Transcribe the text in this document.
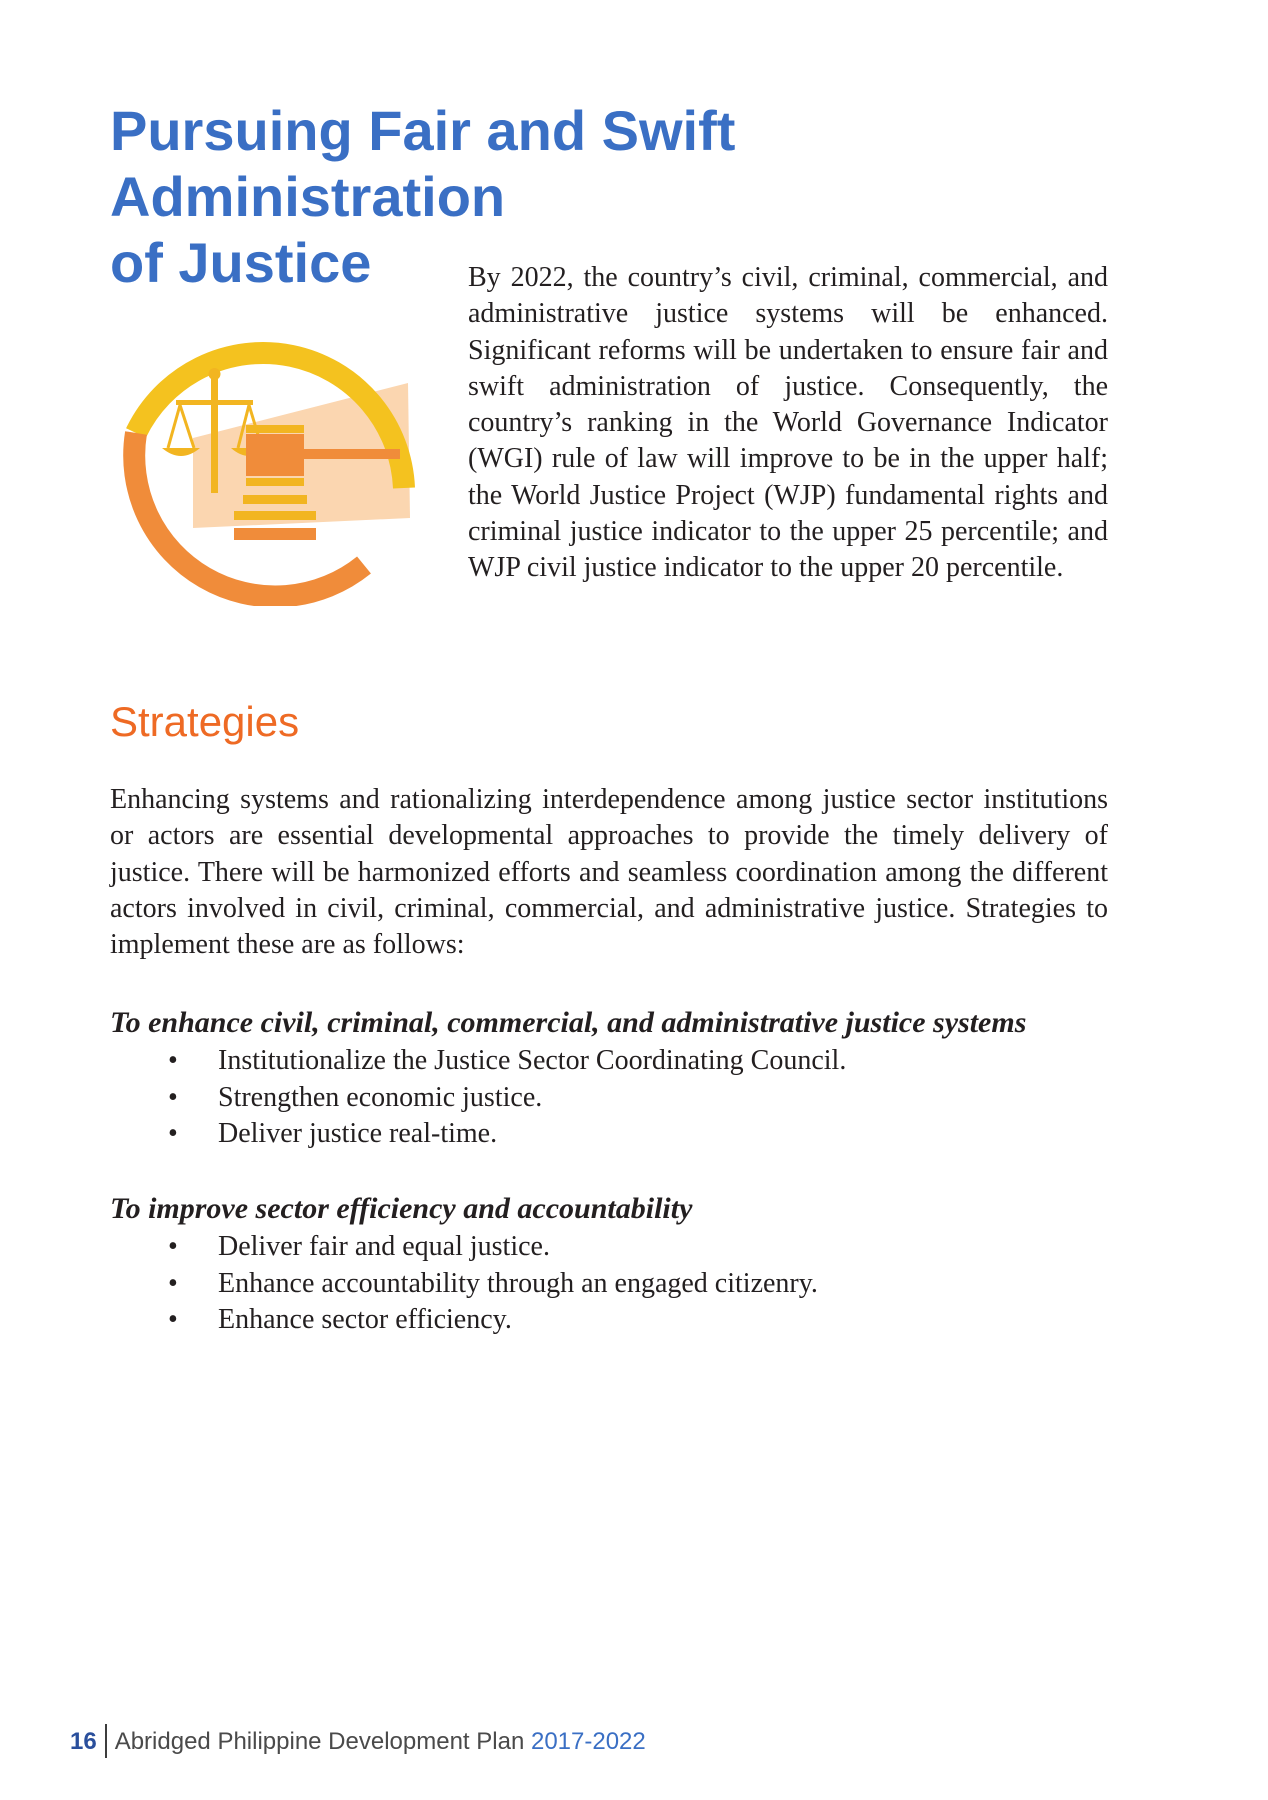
Pursuing Fair and Swift Administration
of Justice	By 2022, the country’s civil, criminal, commercial, and administrative justice systems will be enhanced. Significant reforms will be undertaken to ensure fair and swift administration of justice. Consequently, the country’s ranking in the World Governance Indicator (WGI) rule of law will improve to be in the upper half; the World Justice Project (WJP) fundamental rights and criminal justice indicator to the upper 25 percentile; and WJP civil justice indicator to the upper 20 percentile.

Strategies

Enhancing systems and rationalizing interdependence among justice sector institutions or actors are essential developmental approaches to provide the timely delivery of justice. There will be harmonized efforts and seamless coordination among the different actors involved in civil, criminal, commercial, and administrative justice. Strategies to implement these are as follows:

To enhance civil, criminal, commercial, and administrative justice systems
• Institutionalize the Justice Sector Coordinating Council.
• Strengthen economic justice.
• Deliver justice real-time.
To improve sector efficiency and accountability
• Deliver fair and equal justice.
• Enhance accountability through an engaged citizenry.
• Enhance sector efficiency.
16 Abridged Philippine Development Plan 2017-2022
